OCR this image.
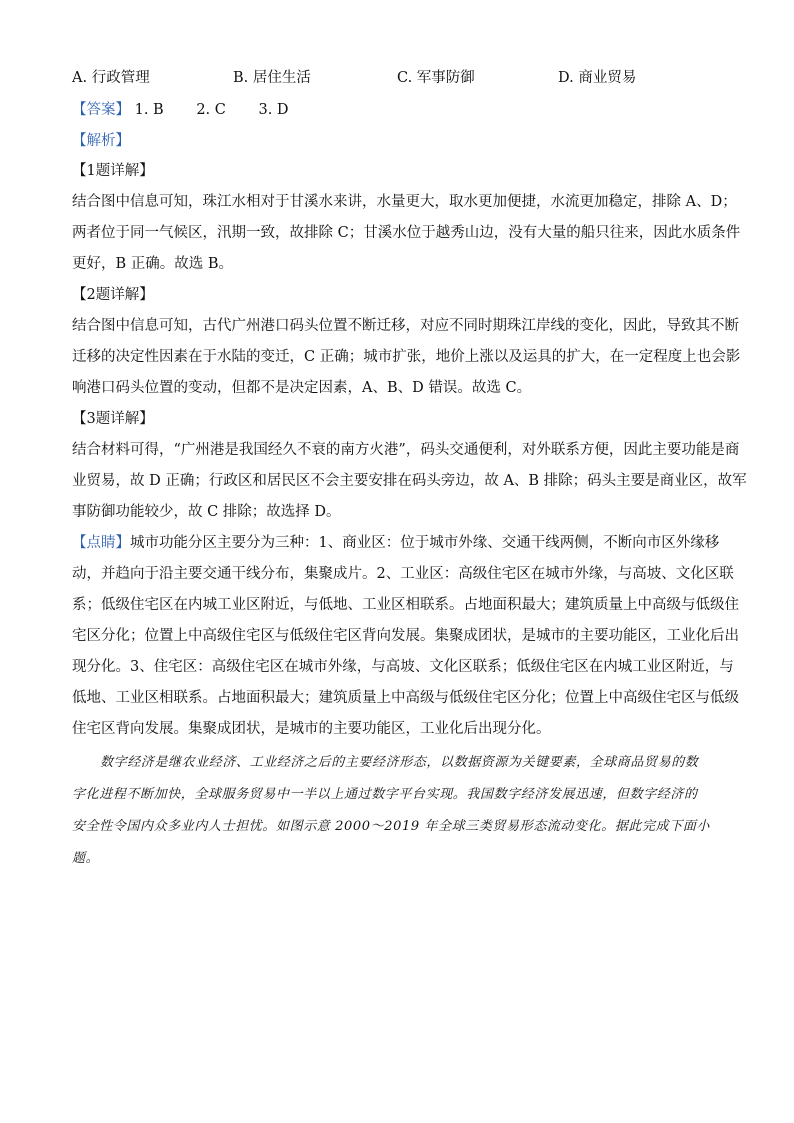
A. 行政管理	B. 居住生活	C. 军事防御	D. 商业贸易
【答案】 1. B 2. C 3. D
【解析】
【1题详解】
结合图中信息可知，珠江水相对于甘溪水来讲，水量更大，取水更加便捷，水流更加稳定，排除 A、D；
两者位于同一气候区，汛期一致，故排除 C；甘溪水位于越秀山边，没有大量的船只往来，因此水质条件
更好，B 正确。故选 B。
【2题详解】
结合图中信息可知，古代广州港口码头位置不断迁移，对应不同时期珠江岸线的变化，因此，导致其不断
迁移的决定性因素在于水陆的变迁，C 正确；城市扩张，地价上涨以及运具的扩大，在一定程度上也会影
响港口码头位置的变动，但都不是决定因素，A、B、D 错误。故选 C。
【3题详解】
结合材料可得，“广州港是我国经久不衰的南方火港”，码头交通便利，对外联系方便，因此主要功能是商
业贸易，故 D 正确；行政区和居民区不会主要安排在码头旁边，故 A、B 排除；码头主要是商业区，故军
事防御功能较少，故 C 排除；故选择 D。
【点睛】城市功能分区主要分为三种：1、商业区：位于城市外缘、交通干线两侧，不断向市区外缘移
动，并趋向于沿主要交通干线分布，集聚成片。2、工业区：高级住宅区在城市外缘，与高坡、文化区联
系；低级住宅区在内城工业区附近，与低地、工业区相联系。占地面积最大；建筑质量上中高级与低级住
宅区分化；位置上中高级住宅区与低级住宅区背向发展。集聚成团状，是城市的主要功能区，工业化后出
现分化。3、住宅区：高级住宅区在城市外缘，与高坡、文化区联系；低级住宅区在内城工业区附近，与
低地、工业区相联系。占地面积最大；建筑质量上中高级与低级住宅区分化；位置上中高级住宅区与低级
住宅区背向发展。集聚成团状，是城市的主要功能区，工业化后出现分化。
数字经济是继农业经济、工业经济之后的主要经济形态，以数据资源为关键要素，全球商品贸易的数
字化进程不断加快，全球服务贸易中一半以上通过数字平台实现。我国数字经济发展迅速，但数字经济的
安全性令国内众多业内人士担忧。如图示意 2000～2019 年全球三类贸易形态流动变化。据此完成下面小
题。
